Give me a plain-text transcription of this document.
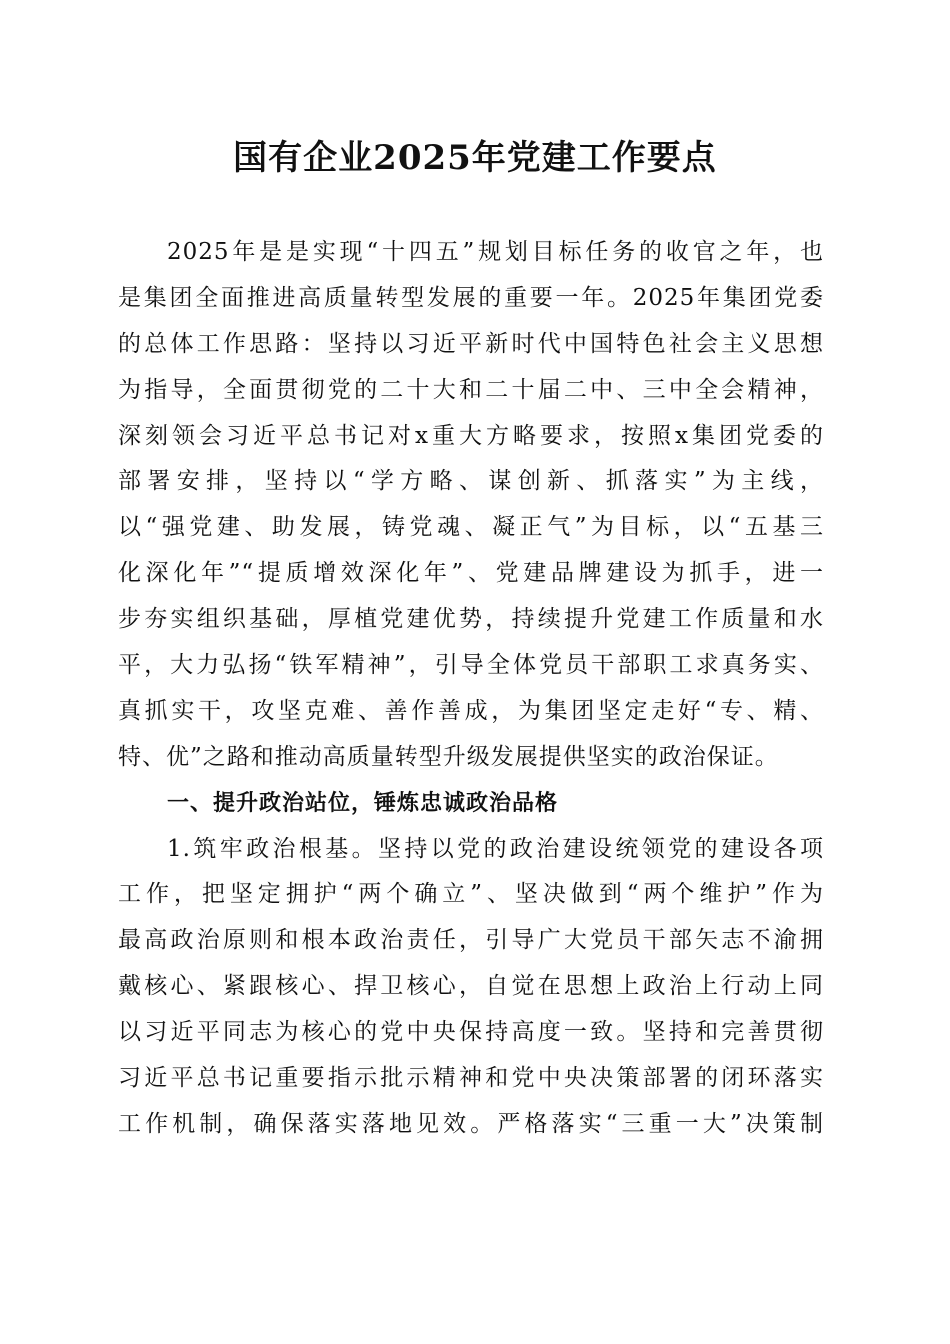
国有企业2025年党建工作要点
2025年是是实现“十四五”规划目标任务的收官之年，也
是集团全面推进高质量转型发展的重要一年。2025年集团党委
的总体工作思路：坚持以习近平新时代中国特色社会主义思想
为指导，全面贯彻党的二十大和二十届二中、三中全会精神，
深刻领会习近平总书记对x重大方略要求，按照x集团党委的
部署安排，坚持以“学方略、谋创新、抓落实”为主线，
以“强党建、助发展，铸党魂、凝正气”为目标，以“五基三
化深化年”“提质增效深化年”、党建品牌建设为抓手，进一
步夯实组织基础，厚植党建优势，持续提升党建工作质量和水
平，大力弘扬“铁军精神”，引导全体党员干部职工求真务实、
真抓实干，攻坚克难、善作善成，为集团坚定走好“专、精、
特、优”之路和推动高质量转型升级发展提供坚实的政治保证。
一、提升政治站位，锤炼忠诚政治品格
1.筑牢政治根基。坚持以党的政治建设统领党的建设各项
工作，把坚定拥护“两个确立”、坚决做到“两个维护”作为
最高政治原则和根本政治责任，引导广大党员干部矢志不渝拥
戴核心、紧跟核心、捍卫核心，自觉在思想上政治上行动上同
以习近平同志为核心的党中央保持高度一致。坚持和完善贯彻
习近平总书记重要指示批示精神和党中央决策部署的闭环落实
工作机制，确保落实落地见效。严格落实“三重一大”决策制
